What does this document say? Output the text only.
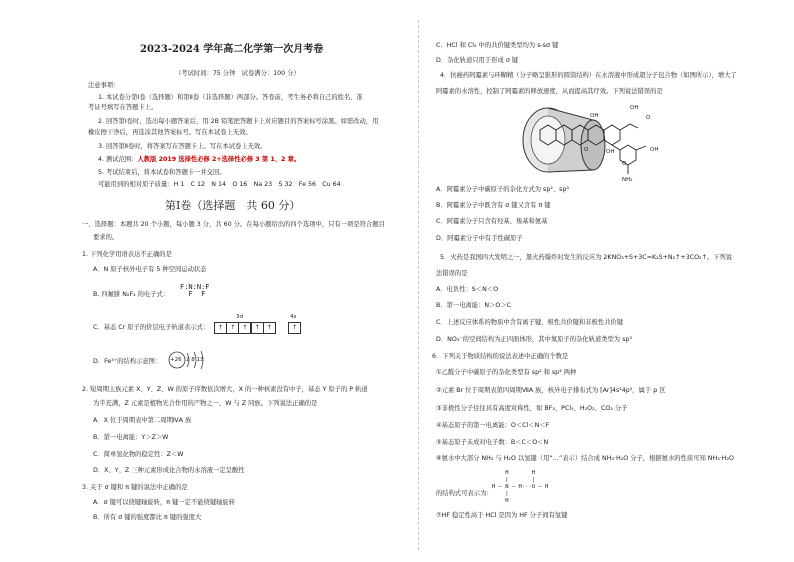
2023-2024 学年高二化学第一次月考卷
（考试时间：75 分钟　试卷满分：100 分）
注意事项：
1. 本试卷分第Ⅰ卷（选择题）和第Ⅱ卷（非选择题）两部分。答卷前，考生务必将自己的姓名、准
考证号填写在答题卡上。
2. 回答第Ⅰ卷时，选出每小题答案后，用 2B 铅笔把答题卡上对应题目的答案标号涂黑。如需改动，用
橡皮擦干净后，再选涂其他答案标号。写在本试卷上无效。
3. 回答第Ⅱ卷时，将答案写在答题卡上。写在本试卷上无效。
4. 测试范围：人教版 2019 选择性必修 2+选择性必修 3 第 1、2 章。
5. 考试结束后，将本试卷和答题卡一并交回。
可能用到的相对原子质量：H 1　C 12　N 14　O 16　Na 23　S 32　Fe 56　Cu 64
第Ⅰ卷（选择题　共 60 分）
一、选择题：本题共 20 个小题，每小题 3 分，共 60 分。在每小题给出的四个选项中，只有一项是符合题目
要求的。
1. 下列化学用语表达不正确的是
A．N 原子核外电子有 5 种空间运动状态
B. 四氟肼 N₂F₄ 的电子式：
F:N:N:F
F  F
C．基态 Cr 原子的价层电子轨道表示式：
3d	4s
↑	↑	↑	↑	↑	↑
D．Fe³⁺的结构示意图： +26 2 8 13
2. 短周期主族元素 X、Y、Z、W 的原子序数依次增大，X 的一种核素没有中子，基态 Y 原子的 P 轨道
为半充满，Z 元素是植物光合作用的产物之一，W 与 Z 同族。下列说法正确的是
A．X 位于周期表中第二周期ⅣA 族
B．第一电离能：Y＞Z＞W
C．简单氢化物的稳定性：Z＜W
D．X、Y、Z 三种元素形成化合物的水溶液一定呈酸性
3. 关于 σ 键和 π 键的说法中正确的是
A．σ 键可以绕键轴旋转，π 键一定不能绕键轴旋转
B．所有 σ 键的强度都比 π 键的强度大
C．HCl 和 Cl₂ 中的共价键类型均为 s-sσ 键
D．杂化轨道只用于形成 σ 键
4．抗癌药阿霉素与环糊精（分子略呈锥形的圆筒结构）在水溶液中形成超分子包合物（如图所示），增大了
阿霉素的水溶性，控制了阿霉素的释放速度，从而提高其疗效。下列说法错误的是
OH
OH
O
OH
O	OH
O
NH₂
A．阿霉素分子中碳原子的杂化方式为 sp²、sp³
B．阿霉素分子中既含有 σ 键又含有 π 键
C．阿霉素分子只含有羟基、羧基和氨基
D．阿霉素分子中有手性碳原子
5．火药是我国四大发明之一，黑火药爆炸时发生的反应为 2KNO₃+S+3C=K₂S+N₂↑+3CO₂↑。下列说
法错误的是
A．电负性：S＜N＜O
B．第一电离能：N＞O＞C
C．上述反应体系的物质中含有离子键、极性共价键和非极性共价键
D．NO₃⁻的空间结构为正四面体形，其中氮原子的杂化轨道类型为 sp³
6．下列关于物质结构的说法表述中正确的个数是
①乙醛分子中碳原子的杂化类型有 sp² 和 sp³ 两种
②元素 Br 位于周期表第四周期ⅦA 族，核外电子排布式为 [Ar]4s²4p⁵，属于 p 区
③非极性分子往往具有高度对称性，如 BF₃、PCl₅、H₂O₂、CO₂ 分子
④基态原子的第一电离能：O＜Cl＜N＜F
⑤基态原子未成对电子数：B＜C＜O＜N
⑥氨水中大部分 NH₃ 与 H₂O 以氢键（用“…”表示）结合成 NH₃·H₂O 分子，根据氨水的性质可知 NH₃·H₂O
的结构式可表示为：
H       H
|       |
H — N — H···O — H
|
H
⑦HF 稳定性高于 HCl 是因为 HF 分子间有氢键
